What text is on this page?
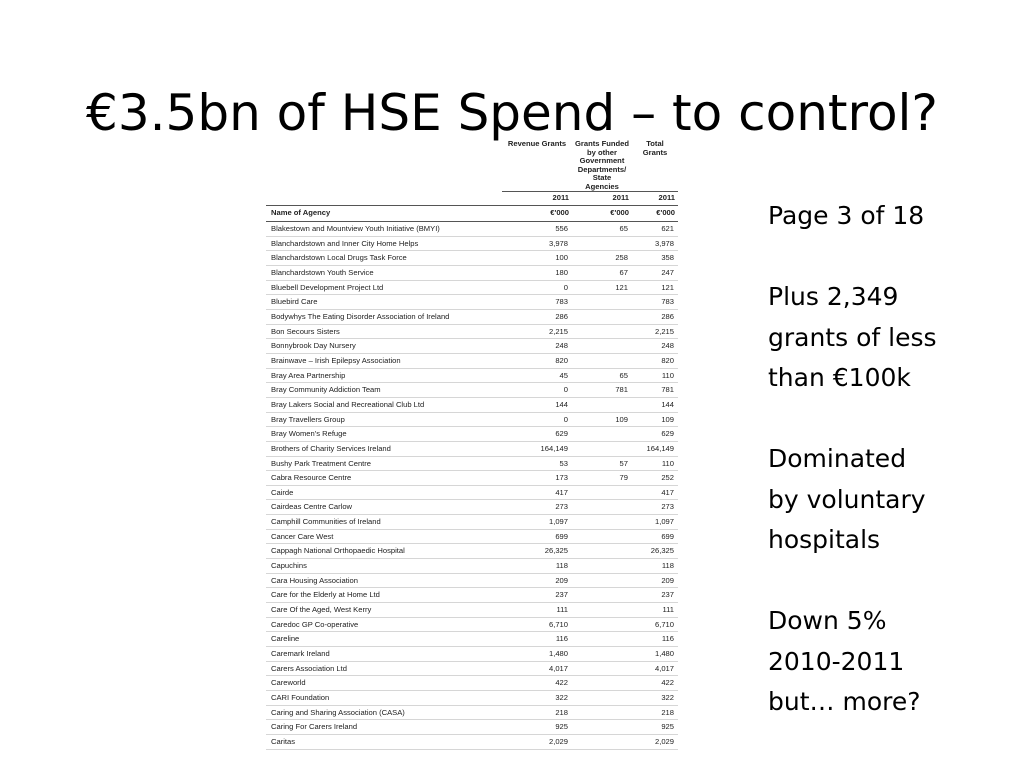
€3.5bn of HSE Spend – to control?
	Revenue Grants	Grants Funded by other Government Departments/ State Agencies	Total Grants
	2011	2011	2011
Name of Agency	€'000	€'000	€'000
Blakestown and Mountview Youth Initiative (BMYI)	556	65	621
Blanchardstown and Inner City Home Helps	3,978		3,978
Blanchardstown Local Drugs Task Force	100	258	358
Blanchardstown Youth Service	180	67	247
Bluebell Development Project Ltd	0	121	121
Bluebird Care	783		783
Bodywhys The Eating Disorder Association of Ireland	286		286
Bon Secours Sisters	2,215		2,215
Bonnybrook Day Nursery	248		248
Brainwave – Irish Epilepsy Association	820		820
Bray Area Partnership	45	65	110
Bray Community Addiction Team	0	781	781
Bray Lakers Social and Recreational Club Ltd	144		144
Bray Travellers Group	0	109	109
Bray Women's Refuge	629		629
Brothers of Charity Services Ireland	164,149		164,149
Bushy Park Treatment Centre	53	57	110
Cabra Resource Centre	173	79	252
Cairde	417		417
Cairdeas Centre Carlow	273		273
Camphill Communities of Ireland	1,097		1,097
Cancer Care West	699		699
Cappagh National Orthopaedic Hospital	26,325		26,325
Capuchins	118		118
Cara Housing Association	209		209
Care for the Elderly at Home Ltd	237		237
Care Of the Aged, West Kerry	111		111
Caredoc GP Co-operative	6,710		6,710
Careline	116		116
Caremark Ireland	1,480		1,480
Carers Association Ltd	4,017		4,017
Careworld	422		422
CARI Foundation	322		322
Caring and Sharing Association (CASA)	218		218
Caring For Carers Ireland	925		925
Caritas	2,029		2,029
Page 3 of 18
Plus 2,349
grants of less
than €100k
Dominated
by voluntary
hospitals
Down 5%
2010-2011
but… more?
